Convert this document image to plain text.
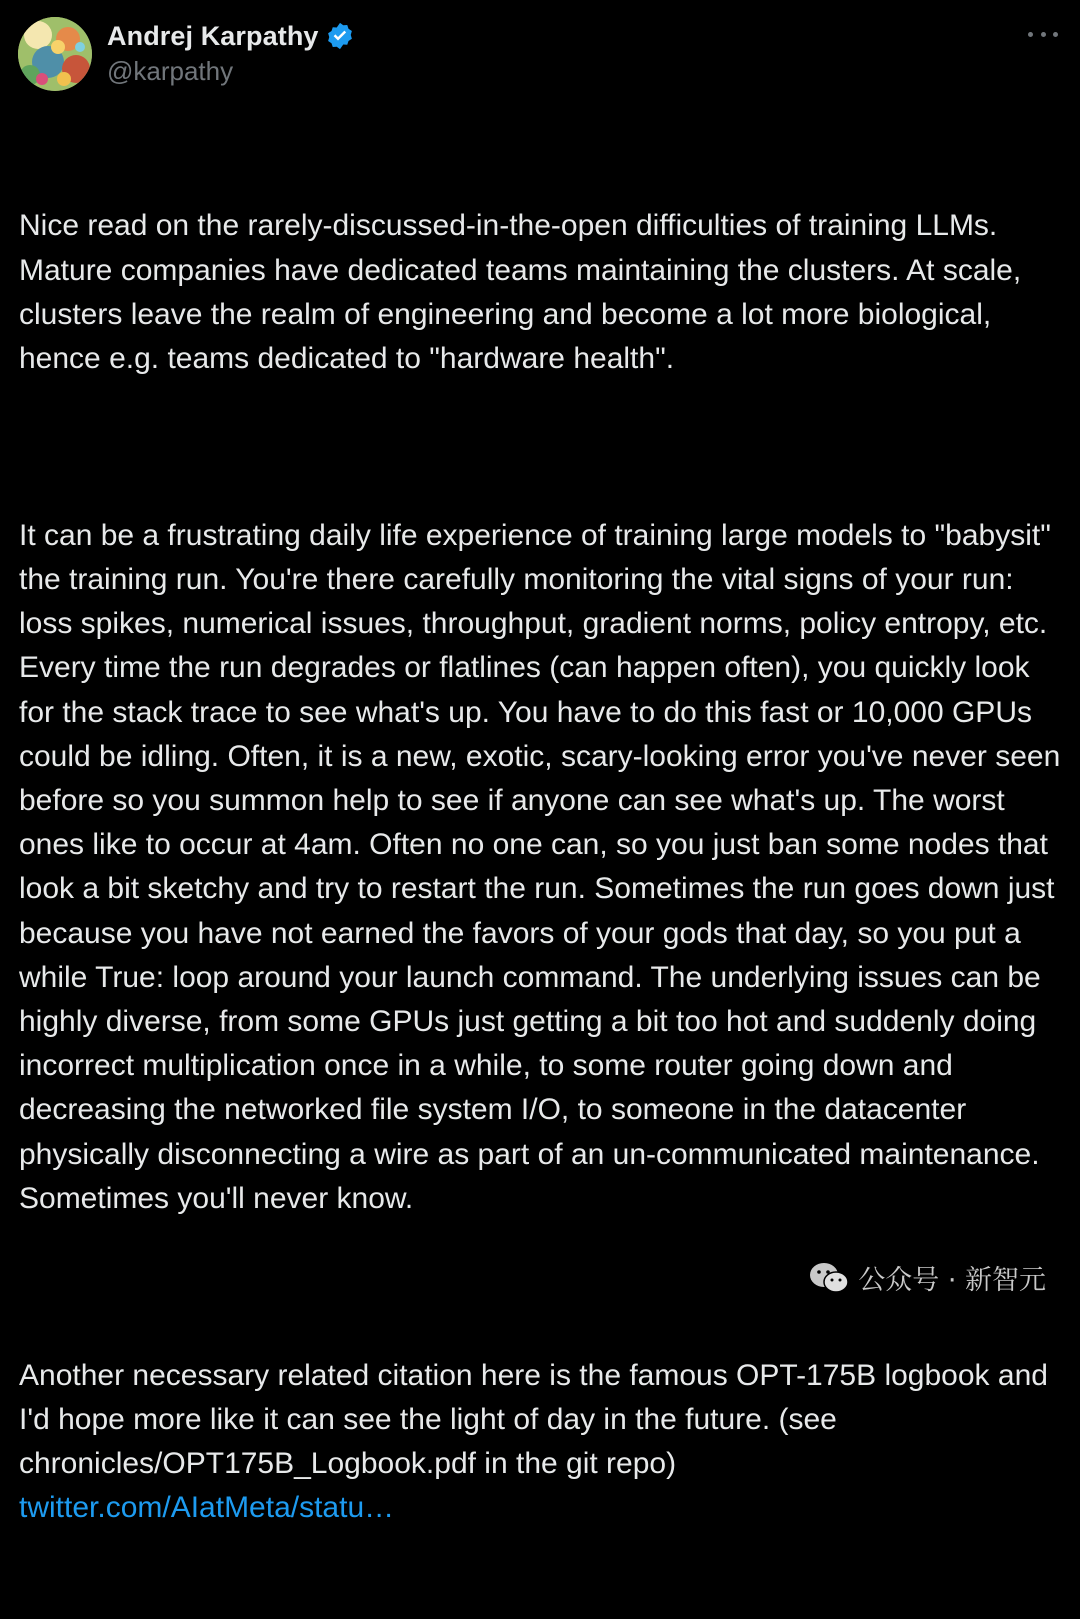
Andrej Karpathy
@karpathy

Nice read on the rarely-discussed-in-the-open difficulties of training LLMs. Mature companies have dedicated teams maintaining the clusters. At scale, clusters leave the realm of engineering and become a lot more biological, hence e.g. teams dedicated to "hardware health".

It can be a frustrating daily life experience of training large models to "babysit" the training run. You're there carefully monitoring the vital signs of your run: loss spikes, numerical issues, throughput, gradient norms, policy entropy, etc. Every time the run degrades or flatlines (can happen often), you quickly look for the stack trace to see what's up. You have to do this fast or 10,000 GPUs could be idling. Often, it is a new, exotic, scary-looking error you've never seen before so you summon help to see if anyone can see what's up. The worst ones like to occur at 4am. Often no one can, so you just ban some nodes that look a bit sketchy and try to restart the run. Sometimes the run goes down just because you have not earned the favors of your gods that day, so you put a while True: loop around your launch command. The underlying issues can be highly diverse, from some GPUs just getting a bit too hot and suddenly doing incorrect multiplication once in a while, to some router going down and decreasing the networked file system I/O, to someone in the datacenter physically disconnecting a wire as part of an un-communicated maintenance. Sometimes you'll never know.

Another necessary related citation here is the famous OPT-175B logbook and I'd hope more like it can see the light of day in the future. (see chronicles/OPT175B_Logbook.pdf in the git repo)
twitter.com/AIatMeta/statu…

公众号 · 新智元
